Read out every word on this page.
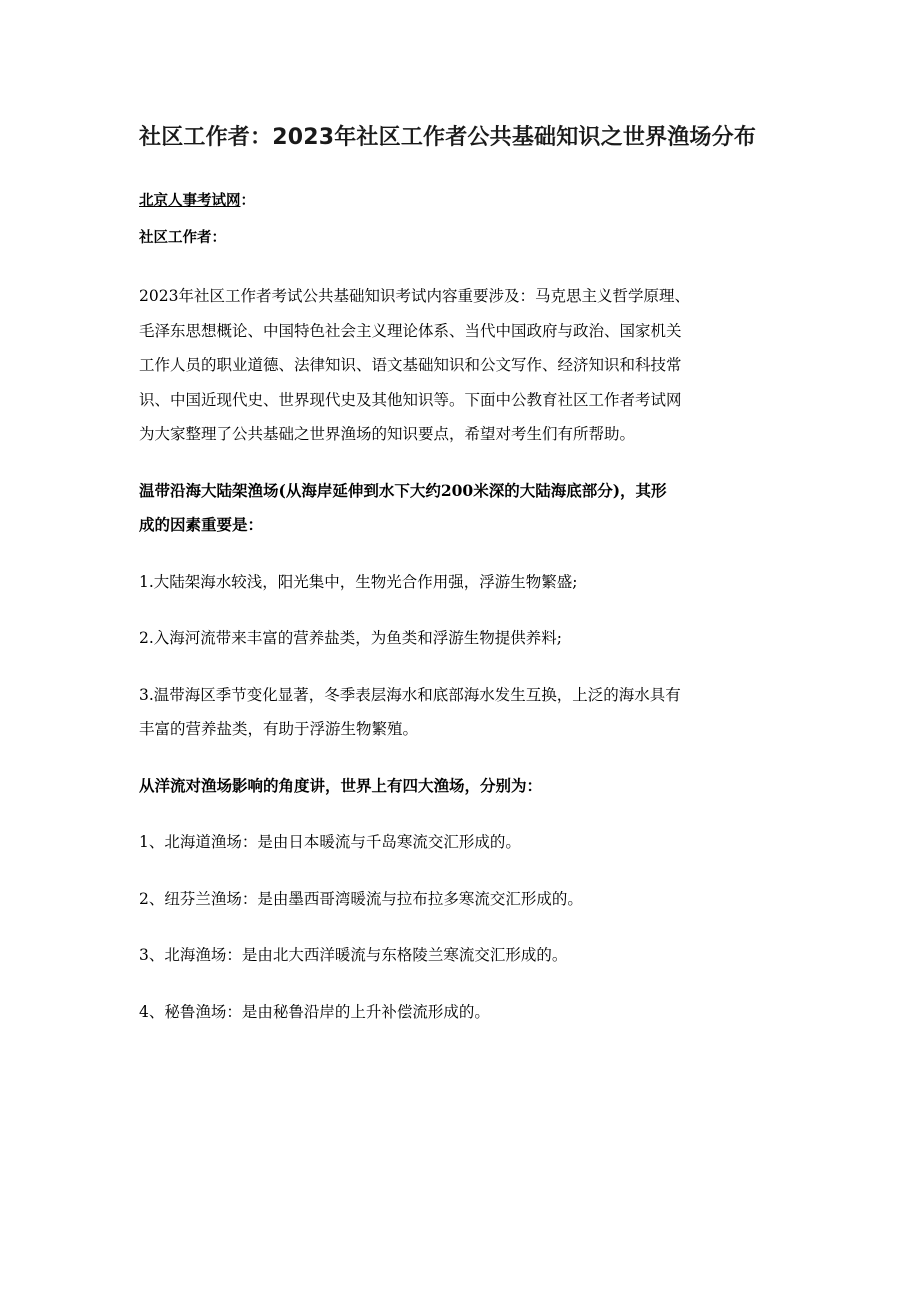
社区工作者：2023年社区工作者公共基础知识之世界渔场分布

北京人事考试网：

社区工作者：

2023年社区工作者考试公共基础知识考试内容重要涉及：马克思主义哲学原理、
毛泽东思想概论、中国特色社会主义理论体系、当代中国政府与政治、国家机关
工作人员的职业道德、法律知识、语文基础知识和公文写作、经济知识和科技常
识、中国近现代史、世界现代史及其他知识等。下面中公教育社区工作者考试网
为大家整理了公共基础之世界渔场的知识要点，希望对考生们有所帮助。
温带沿海大陆架渔场(从海岸延伸到水下大约200米深的大陆海底部分)，其形
成的因素重要是：
1.大陆架海水较浅，阳光集中，生物光合作用强，浮游生物繁盛;
2.入海河流带来丰富的营养盐类，为鱼类和浮游生物提供养料;
3.温带海区季节变化显著，冬季表层海水和底部海水发生互换，上泛的海水具有
丰富的营养盐类，有助于浮游生物繁殖。
从洋流对渔场影响的角度讲，世界上有四大渔场，分别为：
1、北海道渔场：是由日本暖流与千岛寒流交汇形成的。
2、纽芬兰渔场：是由墨西哥湾暖流与拉布拉多寒流交汇形成的。
3、北海渔场：是由北大西洋暖流与东格陵兰寒流交汇形成的。
4、秘鲁渔场：是由秘鲁沿岸的上升补偿流形成的。
